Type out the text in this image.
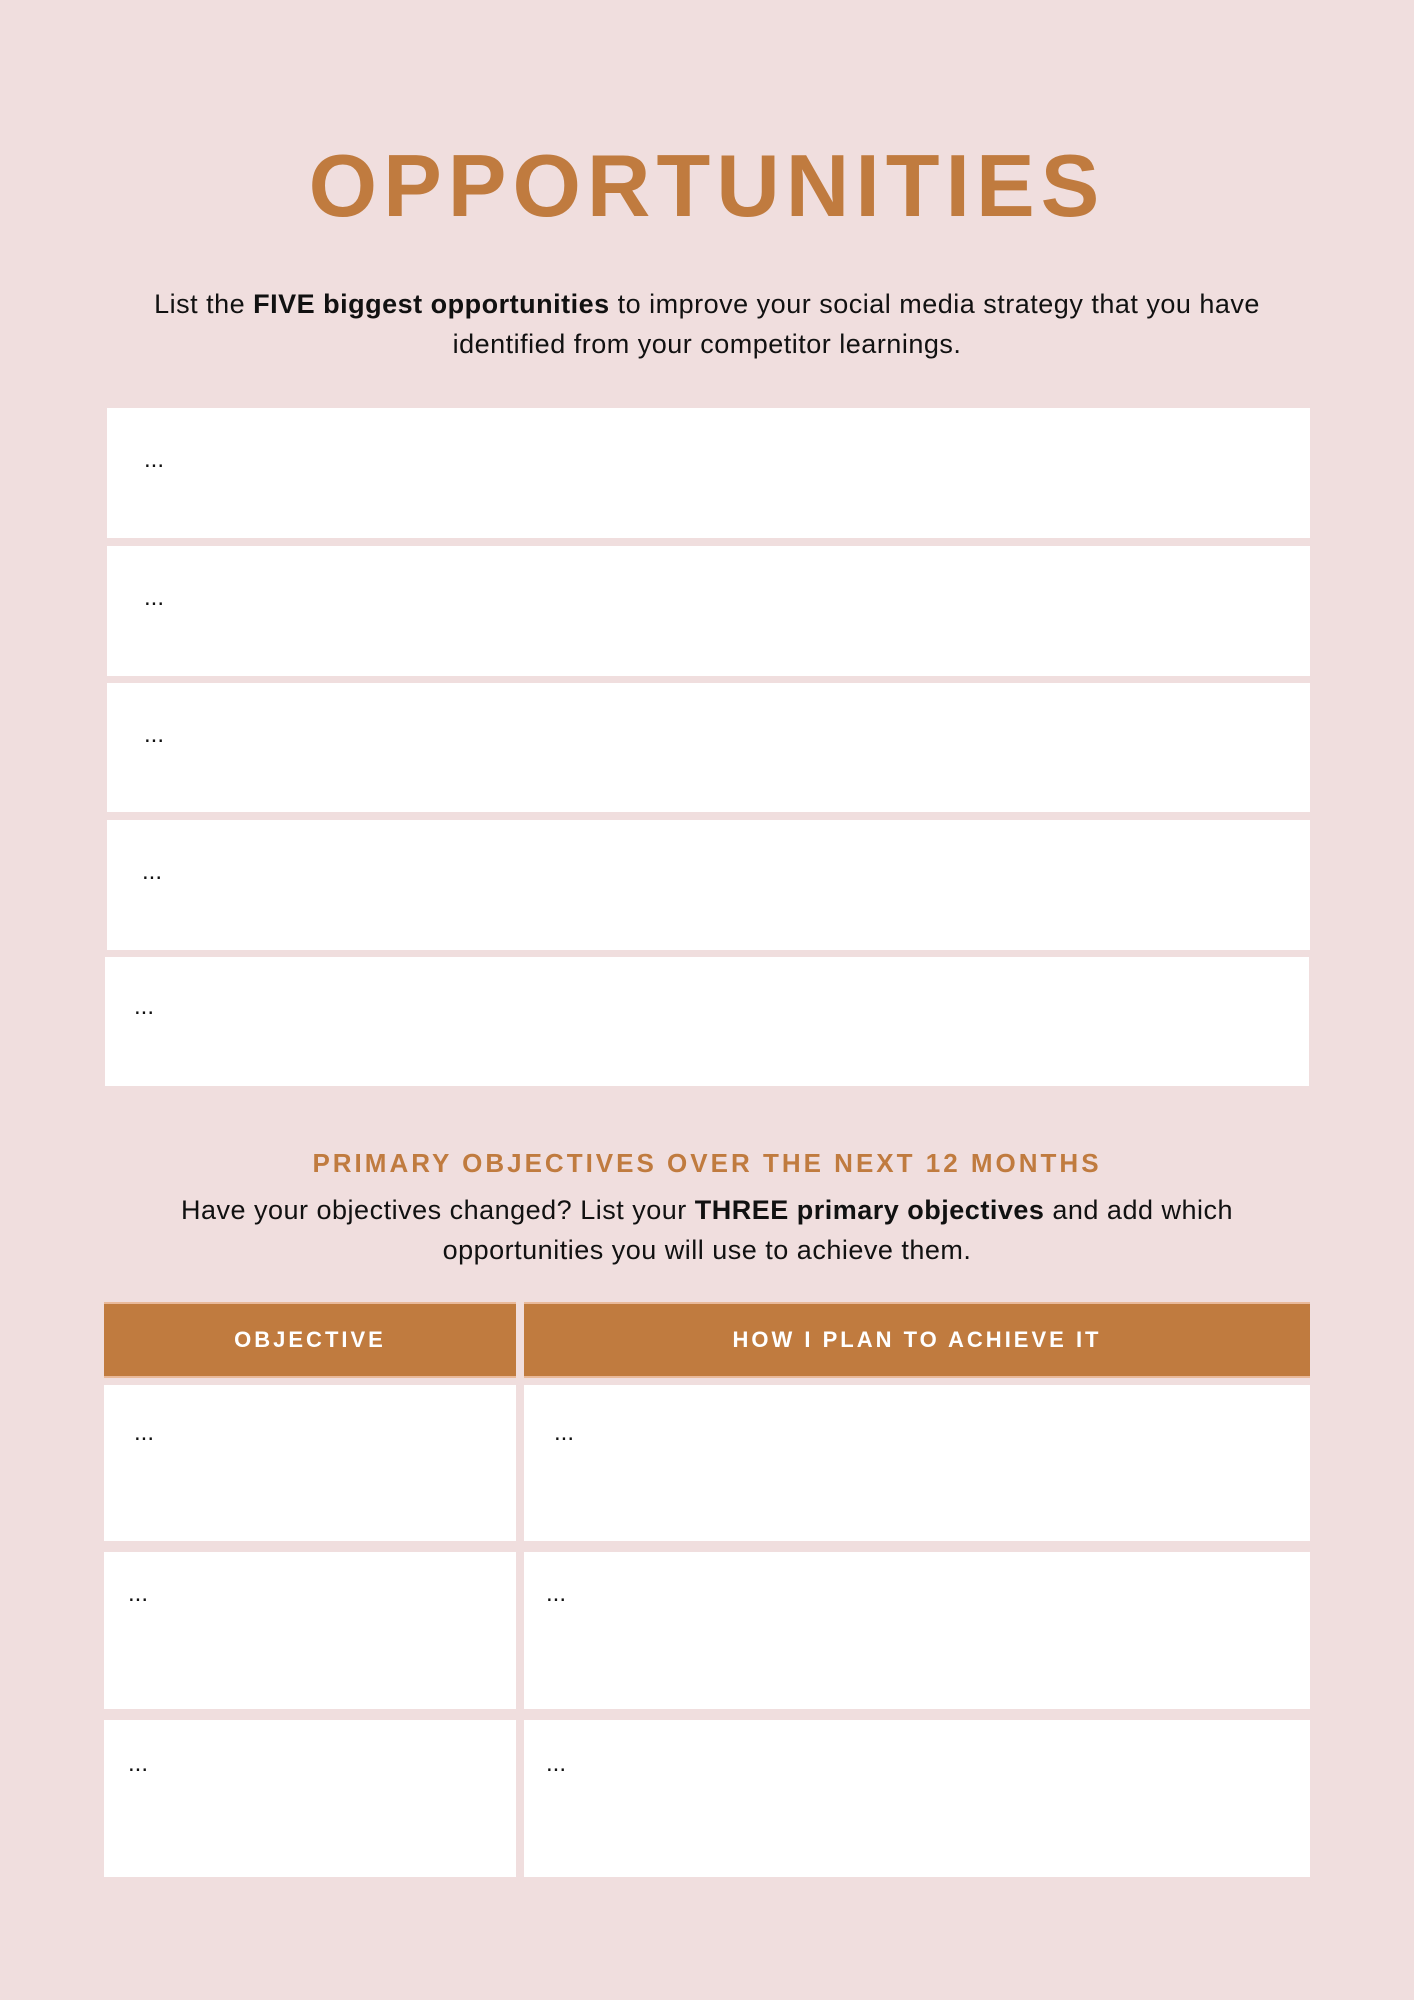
OPPORTUNITIES
List the FIVE biggest opportunities to improve your social media strategy that you have identified from your competitor learnings.
...
...
...
...
...
PRIMARY OBJECTIVES OVER THE NEXT 12 MONTHS
Have your objectives changed? List your THREE primary objectives and add which opportunities you will use to achieve them.
OBJECTIVE	HOW I PLAN TO ACHIEVE IT
...	...
...	...
...	...
